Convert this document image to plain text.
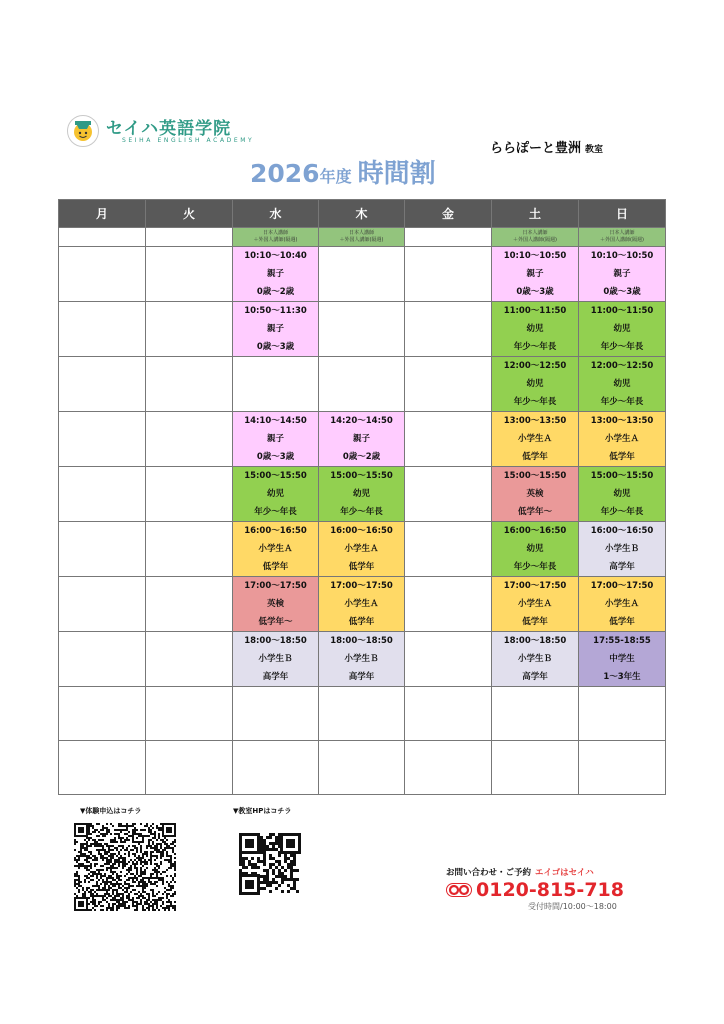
セイハ英語学院
SEIHA ENGLISH ACADEMY
ららぽーと豊洲 教室
2026年度 時間割
月	火	水	木	金	土	日

		日本人講師
＋外国人講師(隔週)	日本人講師
＋外国人講師(隔週)		日本人講師
＋外国人講師(隔週)	日本人講師
＋外国人講師(隔週)

		10:10～10:40
親子
0歳～2歳			10:10～10:50
親子
0歳～3歳	10:10～10:50
親子
0歳～3歳

		10:50～11:30
親子
0歳～3歳			11:00～11:50
幼児
年少～年長	11:00～11:50
幼児
年少～年長

					12:00～12:50
幼児
年少～年長	12:00～12:50
幼児
年少～年長

		14:10～14:50
親子
0歳～3歳	14:20～14:50
親子
0歳～2歳		13:00～13:50
小学生Ａ
低学年	13:00～13:50
小学生Ａ
低学年

		15:00～15:50
幼児
年少～年長	15:00～15:50
幼児
年少～年長		15:00～15:50
英検
低学年～	15:00～15:50
幼児
年少～年長

		16:00～16:50
小学生Ａ
低学年	16:00～16:50
小学生Ａ
低学年		16:00～16:50
幼児
年少～年長	16:00～16:50
小学生Ｂ
高学年

		17:00～17:50
英検
低学年～	17:00～17:50
小学生Ａ
低学年		17:00～17:50
小学生Ａ
低学年	17:00～17:50
小学生Ａ
低学年

		18:00～18:50
小学生Ｂ
高学年	18:00～18:50
小学生Ｂ
高学年		18:00～18:50
小学生Ｂ
高学年	17:55-18:55
中学生
1～3年生

▼体験申込はコチラ	▼教室HPはコチラ
お問い合わせ・ご予約 エイゴはセイハ
0120-815-718
受付時間/10:00～18:00
